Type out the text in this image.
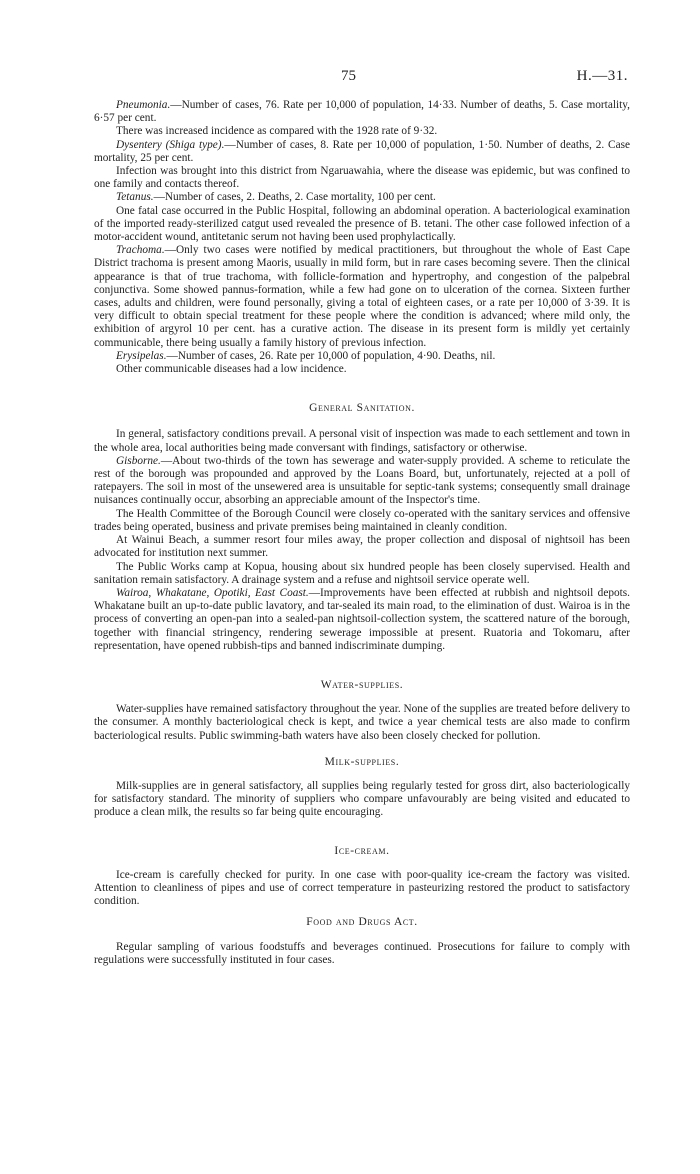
75	H.—31.

Pneumonia.—Number of cases, 76. Rate per 10,000 of population, 14·33. Number of deaths, 5. Case mortality, 6·57 per cent.

There was increased incidence as compared with the 1928 rate of 9·32.

Dysentery (Shiga type).—Number of cases, 8. Rate per 10,000 of population, 1·50. Number of deaths, 2. Case mortality, 25 per cent.

Infection was brought into this district from Ngaruawahia, where the disease was epidemic, but was confined to one family and contacts thereof.

Tetanus.—Number of cases, 2. Deaths, 2. Case mortality, 100 per cent.

One fatal case occurred in the Public Hospital, following an abdominal operation. A bacteriological examination of the imported ready-sterilized catgut used revealed the presence of B. tetani. The other case followed infection of a motor-accident wound, antitetanic serum not having been used prophylactically.

Trachoma.—Only two cases were notified by medical practitioners, but throughout the whole of East Cape District trachoma is present among Maoris, usually in mild form, but in rare cases becoming severe. Then the clinical appearance is that of true trachoma, with follicle-formation and hypertrophy, and congestion of the palpebral conjunctiva. Some showed pannus-formation, while a few had gone on to ulceration of the cornea. Sixteen further cases, adults and children, were found personally, giving a total of eighteen cases, or a rate per 10,000 of 3·39. It is very difficult to obtain special treatment for these people where the condition is advanced; where mild only, the exhibition of argyrol 10 per cent. has a curative action. The disease in its present form is mildly yet certainly communicable, there being usually a family history of previous infection.

Erysipelas.—Number of cases, 26. Rate per 10,000 of population, 4·90. Deaths, nil.

Other communicable diseases had a low incidence.

General Sanitation.

In general, satisfactory conditions prevail. A personal visit of inspection was made to each settlement and town in the whole area, local authorities being made conversant with findings, satisfactory or otherwise.

Gisborne.—About two-thirds of the town has sewerage and water-supply provided. A scheme to reticulate the rest of the borough was propounded and approved by the Loans Board, but, unfortunately, rejected at a poll of ratepayers. The soil in most of the unsewered area is unsuitable for septic-tank systems; consequently small drainage nuisances continually occur, absorbing an appreciable amount of the Inspector's time.

The Health Committee of the Borough Council were closely co-operated with the sanitary services and offensive trades being operated, business and private premises being maintained in cleanly condition.

At Wainui Beach, a summer resort four miles away, the proper collection and disposal of nightsoil has been advocated for institution next summer.

The Public Works camp at Kopua, housing about six hundred people has been closely supervised. Health and sanitation remain satisfactory. A drainage system and a refuse and nightsoil service operate well.

Wairoa, Whakatane, Opotiki, East Coast.—Improvements have been effected at rubbish and nightsoil depots. Whakatane built an up-to-date public lavatory, and tar-sealed its main road, to the elimination of dust. Wairoa is in the process of converting an open-pan into a sealed-pan nightsoil-collection system, the scattered nature of the borough, together with financial stringency, rendering sewerage impossible at present. Ruatoria and Tokomaru, after representation, have opened rubbish-tips and banned indiscriminate dumping.

Water-supplies.

Water-supplies have remained satisfactory throughout the year. None of the supplies are treated before delivery to the consumer. A monthly bacteriological check is kept, and twice a year chemical tests are also made to confirm bacteriological results. Public swimming-bath waters have also been closely checked for pollution.

Milk-supplies.

Milk-supplies are in general satisfactory, all supplies being regularly tested for gross dirt, also bacteriologically for satisfactory standard. The minority of suppliers who compare unfavourably are being visited and educated to produce a clean milk, the results so far being quite encouraging.

Ice-cream.

Ice-cream is carefully checked for purity. In one case with poor-quality ice-cream the factory was visited. Attention to cleanliness of pipes and use of correct temperature in pasteurizing restored the product to satisfactory condition.

Food and Drugs Act.

Regular sampling of various foodstuffs and beverages continued. Prosecutions for failure to comply with regulations were successfully instituted in four cases.
